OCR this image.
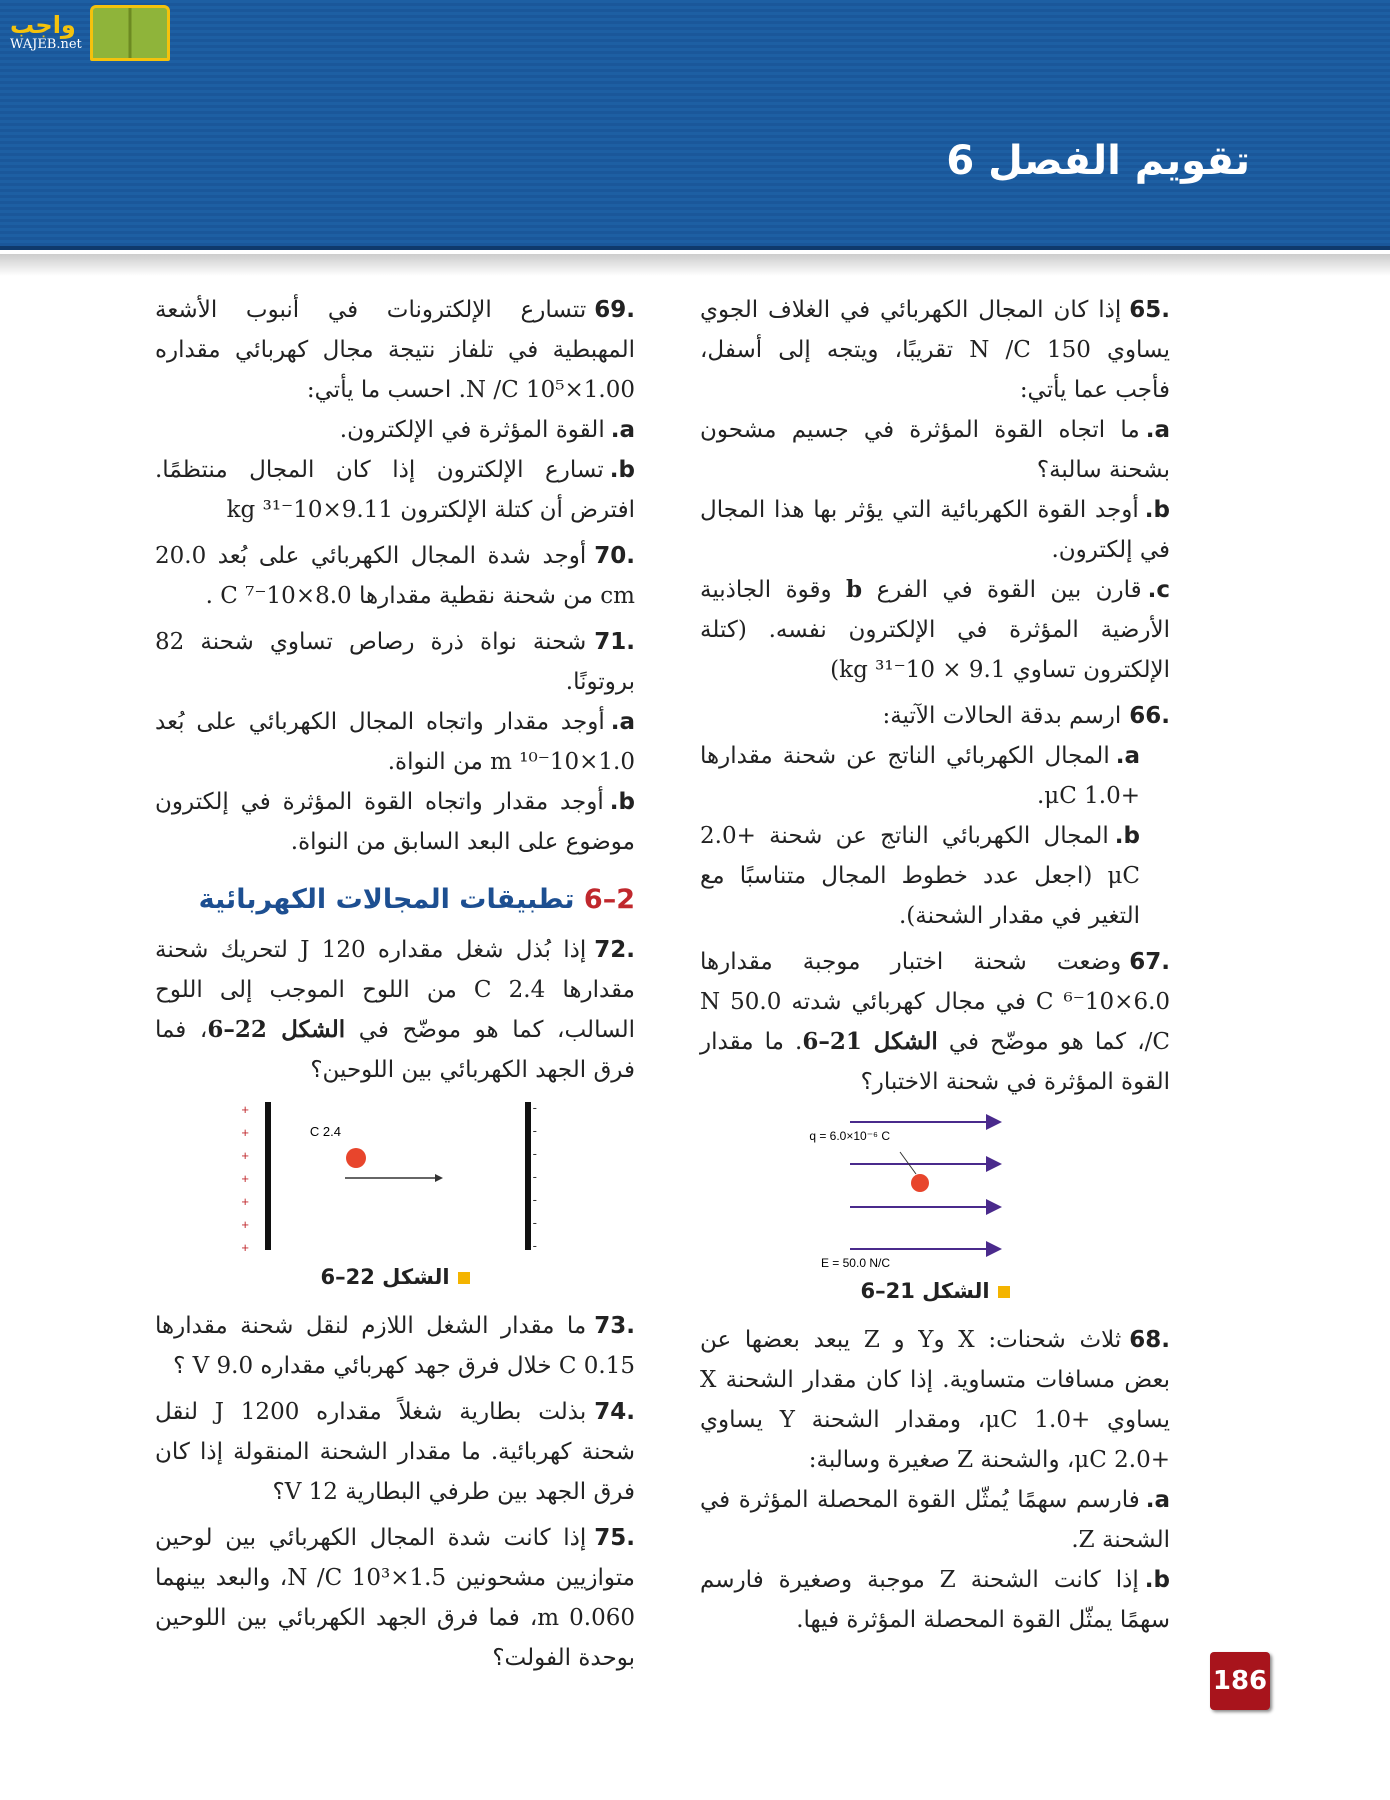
واجب
WAJEB.net
تقويم الفصل 6

.65إذا كان المجال الكهربائي في الغلاف الجوي يساوي 150 N /C تقريبًا، ويتجه إلى أسفل، فأجب عما يأتي:

a.ما اتجاه القوة المؤثرة في جسيم مشحون بشحنة سالبة؟

b.أوجد القوة الكهربائية التي يؤثر بها هذا المجال في إلكترون.

c.قارن بين القوة في الفرع b وقوة الجاذبية الأرضية المؤثرة في الإلكترون نفسه. (كتلة الإلكترون تساوي 9.1 × 10⁻³¹ kg)

.66ارسم بدقة الحالات الآتية:

a.المجال الكهربائي الناتج عن شحنة مقدارها +1.0 μC.

b.المجال الكهربائي الناتج عن شحنة +2.0 μC (اجعل عدد خطوط المجال متناسبًا مع التغير في مقدار الشحنة).

.67وضعت شحنة اختبار موجبة مقدارها 6.0×10⁻⁶ C في مجال كهربائي شدته 50.0 N /C، كما هو موضّح في الشكل 21–6. ما مقدار القوة المؤثرة في شحنة الاختبار؟

q = 6.0×10⁻⁶ C
E = 50.0 N/C
الشكل 21–6

.68ثلاث شحنات: X وY و Z يبعد بعضها عن بعض مسافات متساوية. إذا كان مقدار الشحنة X يساوي +1.0 μC، ومقدار الشحنة Y يساوي +2.0 μC، والشحنة Z صغيرة وسالبة:

a.فارسم سهمًا يُمثّل القوة المحصلة المؤثرة في الشحنة Z.

b.إذا كانت الشحنة Z موجبة وصغيرة فارسم سهمًا يمثّل القوة المحصلة المؤثرة فيها.

.69تتسارع الإلكترونات في أنبوب الأشعة المهبطية في تلفاز نتيجة مجال كهربائي مقداره 1.00×10⁵ N /C. احسب ما يأتي:

a.القوة المؤثرة في الإلكترون.

b.تسارع الإلكترون إذا كان المجال منتظمًا. افترض أن كتلة الإلكترون 9.11×10⁻³¹ kg

.70أوجد شدة المجال الكهربائي على بُعد 20.0 cm من شحنة نقطية مقدارها 8.0×10⁻⁷ C .

.71شحنة نواة ذرة رصاص تساوي شحنة 82 بروتونًا.

a.أوجد مقدار واتجاه المجال الكهربائي على بُعد 1.0×10⁻¹⁰ m من النواة.

b.أوجد مقدار واتجاه القوة المؤثرة في إلكترون موضوع على البعد السابق من النواة.

2–6 تطبيقات المجالات الكهربائية

.72إذا بُذل شغل مقداره 120 J لتحريك شحنة مقدارها 2.4 C من اللوح الموجب إلى اللوح السالب، كما هو موضّح في الشكل 22–6، فما فرق الجهد الكهربائي بين اللوحين؟

+
+
+
+
+
+
+
-
-
-
-
-
-
-
2.4 C
الشكل 22–6

.73ما مقدار الشغل اللازم لنقل شحنة مقدارها 0.15 C خلال فرق جهد كهربائي مقداره 9.0 V ؟

.74بذلت بطارية شغلاً مقداره 1200 J لنقل شحنة كهربائية. ما مقدار الشحنة المنقولة إذا كان فرق الجهد بين طرفي البطارية 12 V؟

.75إذا كانت شدة المجال الكهربائي بين لوحين متوازيين مشحونين 1.5×10³ N /C، والبعد بينهما 0.060 m، فما فرق الجهد الكهربائي بين اللوحين بوحدة الفولت؟

186
